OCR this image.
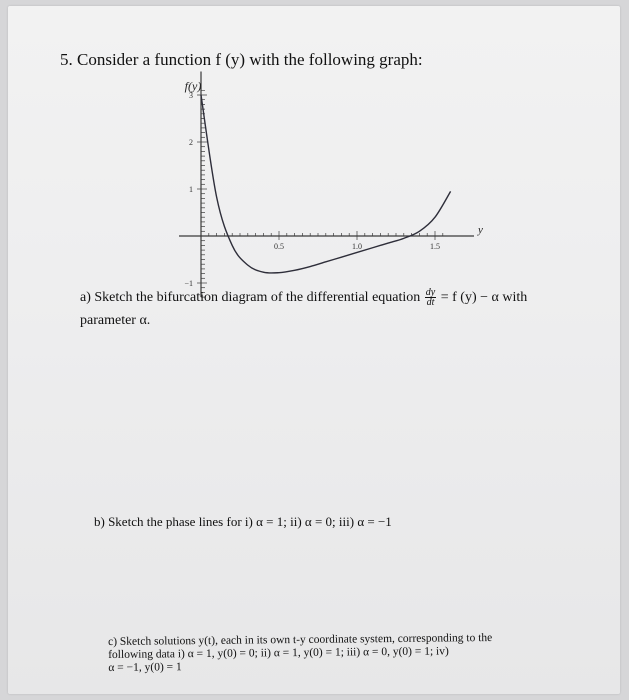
5. Consider a function f (y) with the following graph:
3
2
1
−1
0.5	1.0	1.5
f(y)
y
a) Sketch the bifurcation diagram of the differential equation $\frac{dy}{dt} = f$ (y) − α with
parameter α.
b) Sketch the phase lines for i) α = 1; ii) α = 0; iii) α = −1
c) Sketch solutions y(t), each in its own t-y coordinate system, corresponding to the
following data i) α = 1, y(0) = 0; ii) α = 1, y(0) = 1; iii) α = 0, y(0) = 1; iv)
α = −1, y(0) = 1
